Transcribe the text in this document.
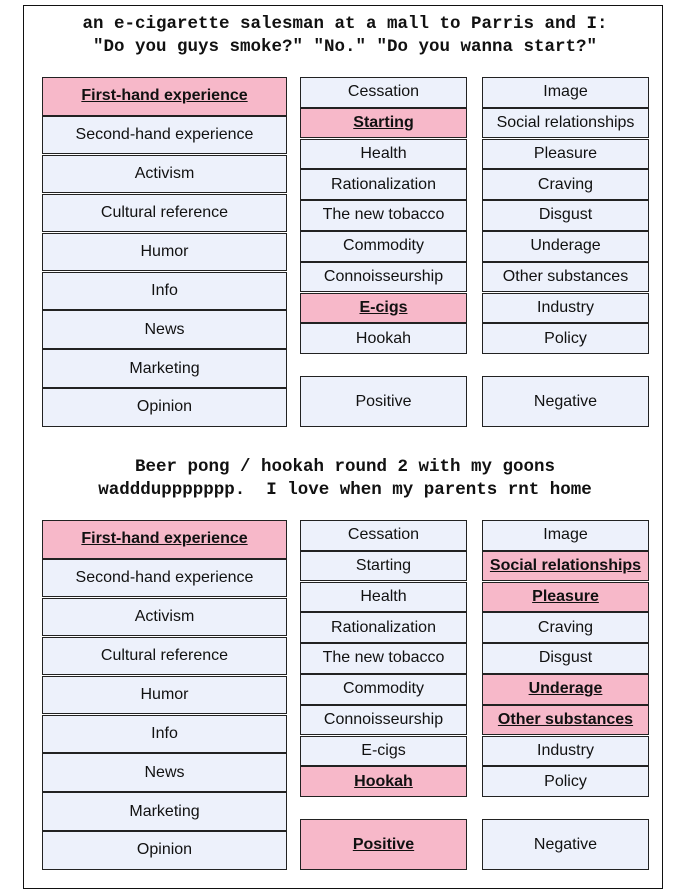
an e-cigarette salesman at a mall to Parris and I:
"Do you guys smoke?" "No." "Do you wanna start?"
First-hand experience
Second-hand experience
Activism
Cultural reference
Humor
Info
News
Marketing
Opinion
Cessation
Starting
Health
Rationalization
The new tobacco
Commodity
Connoisseurship
E-cigs
Hookah
Image
Social relationships
Pleasure
Craving
Disgust
Underage
Other substances
Industry
Policy
Positive	Negative
Beer pong / hookah round 2 with my goons
waddduppppppp.  I love when my parents rnt home
First-hand experience
Second-hand experience
Activism
Cultural reference
Humor
Info
News
Marketing
Opinion
Cessation
Starting
Health
Rationalization
The new tobacco
Commodity
Connoisseurship
E-cigs
Hookah
Image
Social relationships
Pleasure
Craving
Disgust
Underage
Other substances
Industry
Policy
Positive	Negative
